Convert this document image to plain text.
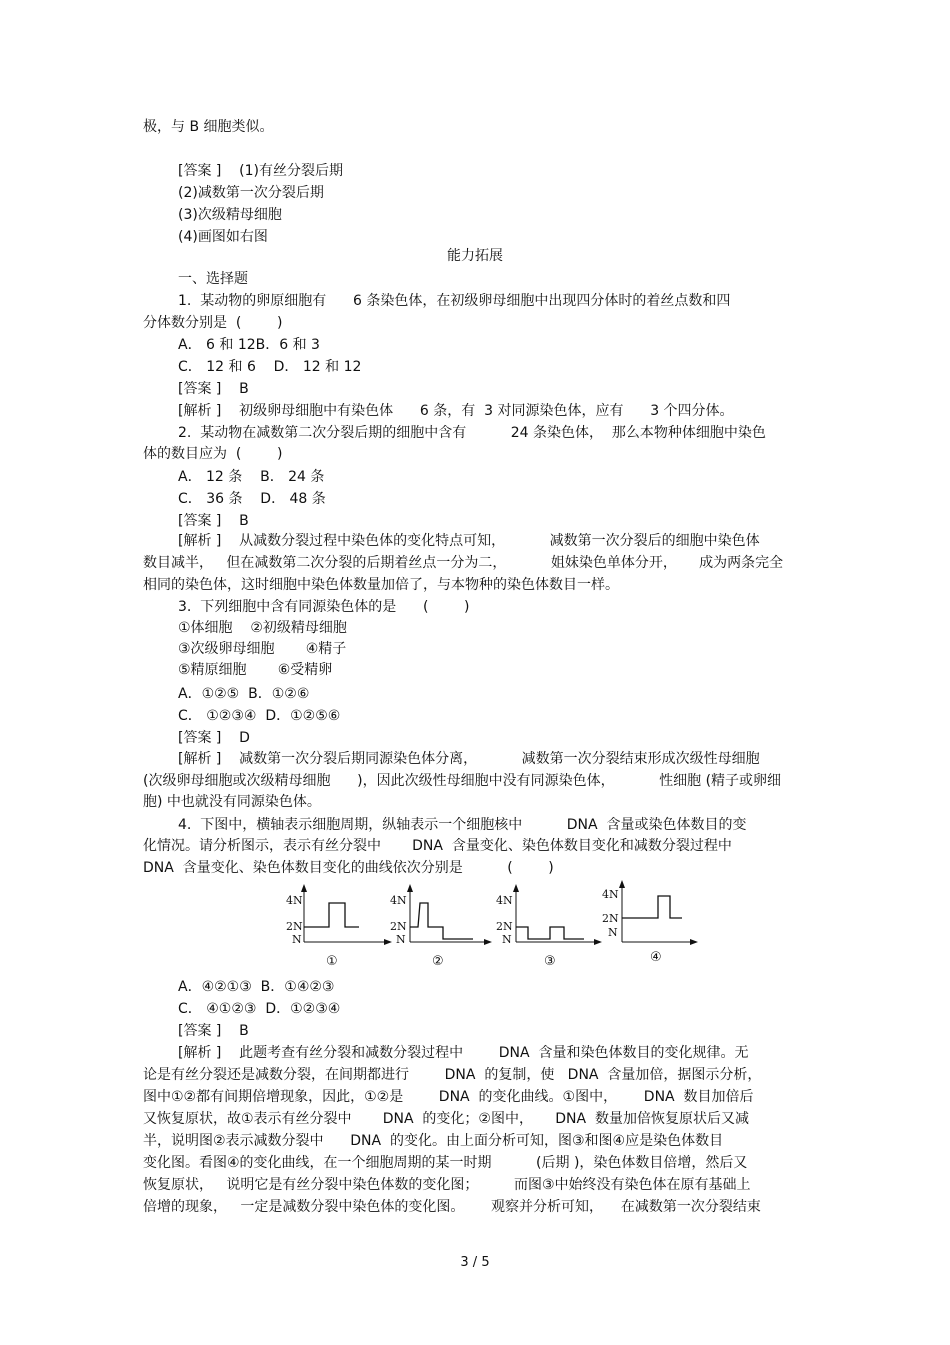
极，与 B 细胞类似。
[答案 ]    (1)有丝分裂后期
(2)减数第一次分裂后期
(3)次级精母细胞
(4)画图如右图
能力拓展
一、选择题
1.  某动物的卵原细胞有      6 条染色体，在初级卵母细胞中出现四分体时的着丝点数和四
分体数分别是  (        )
A． 6 和 12B．6 和 3
C． 12 和 6    D． 12 和 12
[答案 ]    B
[解析 ]    初级卵母细胞中有染色体      6 条，有  3 对同源染色体，应有      3 个四分体。
2.  某动物在减数第二次分裂后期的细胞中含有          24 条染色体，  那么本物种体细胞中染色
体的数目应为  (        )
A． 12 条    B． 24 条
C． 36 条    D． 48 条
[答案 ]    B
[解析 ]    从减数分裂过程中染色体的变化特点可知，          减数第一次分裂后的细胞中染色体
数目减半，   但在减数第二次分裂的后期着丝点一分为二，          姐妹染色单体分开，     成为两条完全
相同的染色体，这时细胞中染色体数量加倍了，与本物种的染色体数目一样。
3.  下列细胞中含有同源染色体的是      (        )
①体细胞    ②初级精母细胞
③次级卵母细胞       ④精子
⑤精原细胞       ⑥受精卵
A．①②⑤  B．①②⑥
C． ①②③④  D．①②⑤⑥
[答案 ]    D
[解析 ]    减数第一次分裂后期同源染色体分离，          减数第一次分裂结束形成次级性母细胞
(次级卵母细胞或次级精母细胞      )，因此次级性母细胞中没有同源染色体，          性细胞 (精子或卵细
胞) 中也就没有同源染色体。
4.  下图中，横轴表示细胞周期，纵轴表示一个细胞核中          DNA  含量或染色体数目的变
化情况。请分析图示，表示有丝分裂中       DNA  含量变化、染色体数目变化和减数分裂过程中
DNA  含量变化、染色体数目变化的曲线依次分别是          (        )
4N
2N
N
①
4N
2N
N
②
4N
2N
N
③
4N
2N
N
④
A．④②①③  B．①④②③
C． ④①②③  D．①②③④
[答案 ]    B
[解析 ]    此题考查有丝分裂和减数分裂过程中        DNA  含量和染色体数目的变化规律。无
论是有丝分裂还是减数分裂，在间期都进行        DNA  的复制，使   DNA  含量加倍，据图示分析，
图中①②都有间期倍增现象，因此，①②是        DNA  的变化曲线。①图中，      DNA  数目加倍后
又恢复原状，故①表示有丝分裂中       DNA  的变化；②图中，     DNA  数量加倍恢复原状后又减
半，说明图②表示减数分裂中      DNA  的变化。由上面分析可知，图③和图④应是染色体数目
变化图。看图④的变化曲线，在一个细胞周期的某一时期          (后期 )，染色体数目倍增，然后又
恢复原状，   说明它是有丝分裂中染色体数的变化图；        而图③中始终没有染色体在原有基础上
倍增的现象，   一定是减数分裂中染色体的变化图。      观察并分析可知，    在减数第一次分裂结束
3 / 5
